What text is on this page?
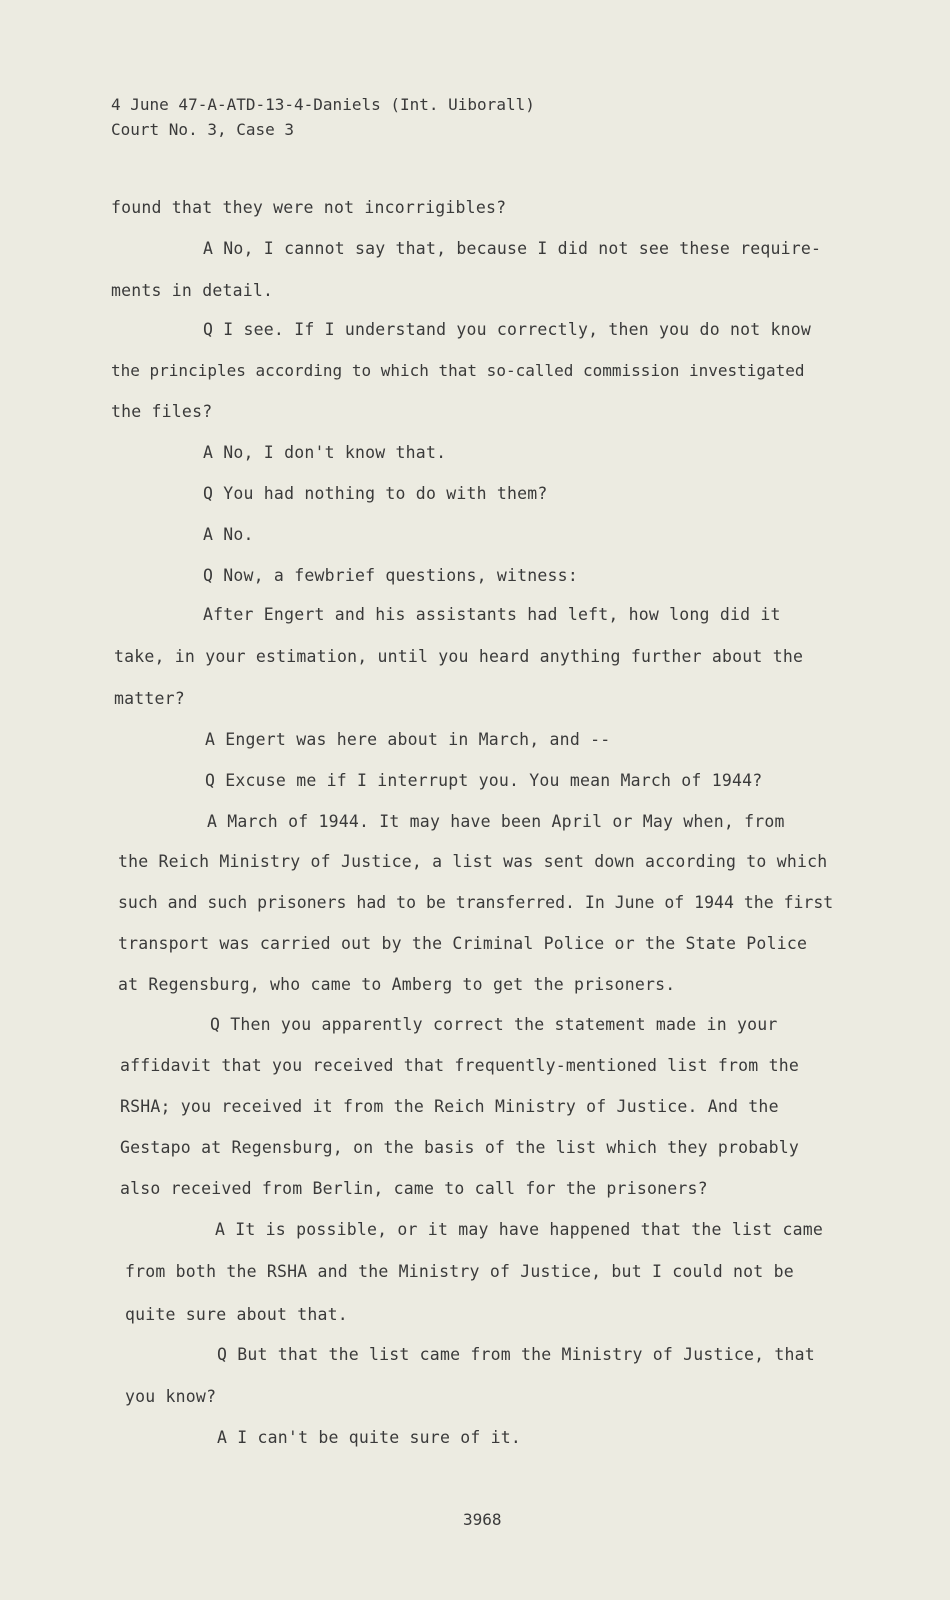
4 June 47-A-ATD-13-4-Daniels (Int. Uiborall)
Court No. 3, Case 3
found that they were not incorrigibles?
A No, I cannot say that, because I did not see these require-
ments in detail.
Q I see. If I understand you correctly, then you do not know
the principles according to which that so-called commission investigated
the files?
A No, I don't know that.
Q You had nothing to do with them?
A No.
Q Now, a fewbrief questions, witness:
After Engert and his assistants had left, how long did it
take, in your estimation, until you heard anything further about the
matter?
A Engert was here about in March, and --
Q Excuse me if I interrupt you. You mean March of 1944?
A March of 1944. It may have been April or May when, from
the Reich Ministry of Justice, a list was sent down according to which
such and such prisoners had to be transferred. In June of 1944 the first
transport was carried out by the Criminal Police or the State Police
at Regensburg, who came to Amberg to get the prisoners.
Q Then you apparently correct the statement made in your
affidavit that you received that frequently-mentioned list from the
RSHA; you received it from the Reich Ministry of Justice. And the
Gestapo at Regensburg, on the basis of the list which they probably
also received from Berlin, came to call for the prisoners?
A It is possible, or it may have happened that the list came
from both the RSHA and the Ministry of Justice, but I could not be
quite sure about that.
Q But that the list came from the Ministry of Justice, that
you know?
A I can't be quite sure of it.
3968
